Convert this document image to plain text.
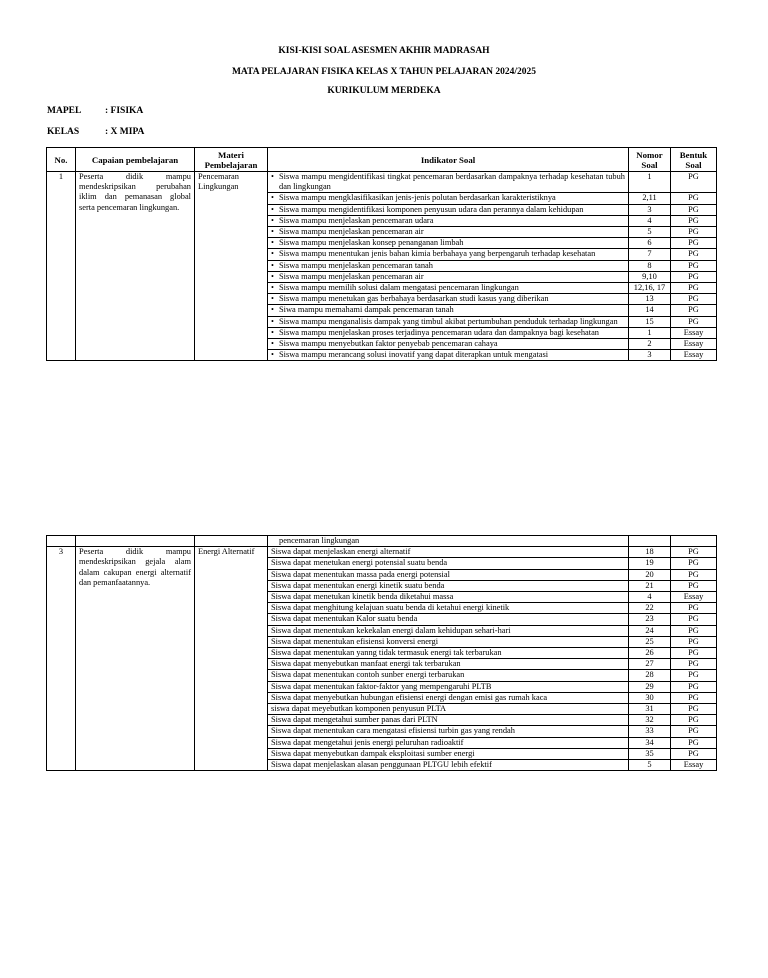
KISI-KISI SOAL ASESMEN AKHIR MADRASAH
MATA PELAJARAN FISIKA KELAS X TAHUN PELAJARAN 2024/2025
KURIKULUM MERDEKA
MAPEL : FISIKA
KELAS	: X MIPA
No.	Capaian pembelajaran	Materi Pembelajaran	Indikator Soal	Nomor Soal	Bentuk Soal
1	Peserta didik mampu mendeskripsikan perubahan iklim dan pemanasan global serta pencemaran lingkungan.	Pencemaran Lingkungan	• Siswa mampu mengidentifikasi tingkat pencemaran berdasarkan dampaknya terhadap kesehatan tubuh dan lingkungan	1	PG

			• Siswa mampu mengklasifikasikan jenis-jenis polutan berdasarkan karakteristiknya	2,11	PG

			• Siswa mampu mengidentifikasi komponen penyusun udara dan perannya dalam kehidupan	3	PG

			• Siswa mampu menjelaskan pencemaran udara	4	PG

			• Siswa mampu menjelaskan pencemaran air	5	PG

			• Siswa mampu menjelaskan konsep penanganan limbah	6	PG

			• Siswa mampu menentukan jenis bahan kimia berbahaya yang berpengaruh terhadap kesehatan	7	PG

			• Siswa mampu menjelaskan pencemaran tanah	8	PG

			• Siswa mampu menjelaskan pencemaran air	9,10	PG

			• Siswa mampu memilih solusi dalam mengatasi pencemaran lingkungan	12,16, 17	PG

			• Siswa mampu menetukan gas berbahaya berdasarkan studi kasus yang diberikan	13	PG

			• Siwa mampu memahami dampak pencemaran tanah	14	PG

			• Siswa mampu menganalisis dampak yang timbul akibat pertumbuhan penduduk terhadap lingkungan	15	PG

			• Siswa mampu menjelaskan proses terjadinya pencemaran udara dan dampaknya bagi kesehatan	1	Essay

			• Siswa mampu menyebutkan faktor penyebab pencemaran cahaya	2	Essay

			• Siswa mampu merancang solusi inovatif yang dapat diterapkan untuk mengatasi	3	Essay
			pencemaran lingkungan		
3	Peserta didik mampu mendeskripsikan gejala alam dalam cakupan energi alternatif dan pemanfaatannya.	Energi Alternatif	Siswa dapat menjelaskan energi alternatif	18	PG
			Siswa dapat menetukan energi potensial suatu benda	19	PG
			Siswa dapat menentukan massa pada energi potensial	20	PG
			Siswa dapat menentukan energi kinetik suatu benda	21	PG
			Siswa dapat menetukan kinetik benda diketahui massa	4	Essay
			Siswa dapat menghitung kelajuan suatu benda di ketahui energi kinetik	22	PG
			Siswa dapat menentukan Kalor suatu benda	23	PG
			Siswa dapat menentukan kekekalan energi dalam kehidupan sehari-hari	24	PG
			Siswa dapat menentukan efisiensi konversi energi	25	PG
			Siswa dapat menentukan yanng tidak termasuk energi tak terbarukan	26	PG
			Siswa dapat menyebutkan manfaat energi tak terbarukan	27	PG
			Siswa dapat menentukan contoh sunber energi terbarukan	28	PG
			Siswa dapat menentukan faktor-faktor yang mempengaruhi PLTB	29	PG
			Siswa dapat menyebutkan hubungan efisiensi energi dengan emisi gas rumah kaca	30	PG
			siswa dapat meyebutkan komponen penyusun PLTA	31	PG
			Siswa dapat mengetahui sumber panas dari PLTN	32	PG
			Siswa dapat menentukan cara mengatasi efisiensi turbin gas yang rendah	33	PG
			Siswa dapat mengetahui jenis energi peluruhan radioaktif	34	PG
			Siswa dapat menyebutkan dampak eksploitasi sumber energi	35	PG
			Siswa dapat menjelaskan alasan penggunaan PLTGU lebih efektif	5	Essay
